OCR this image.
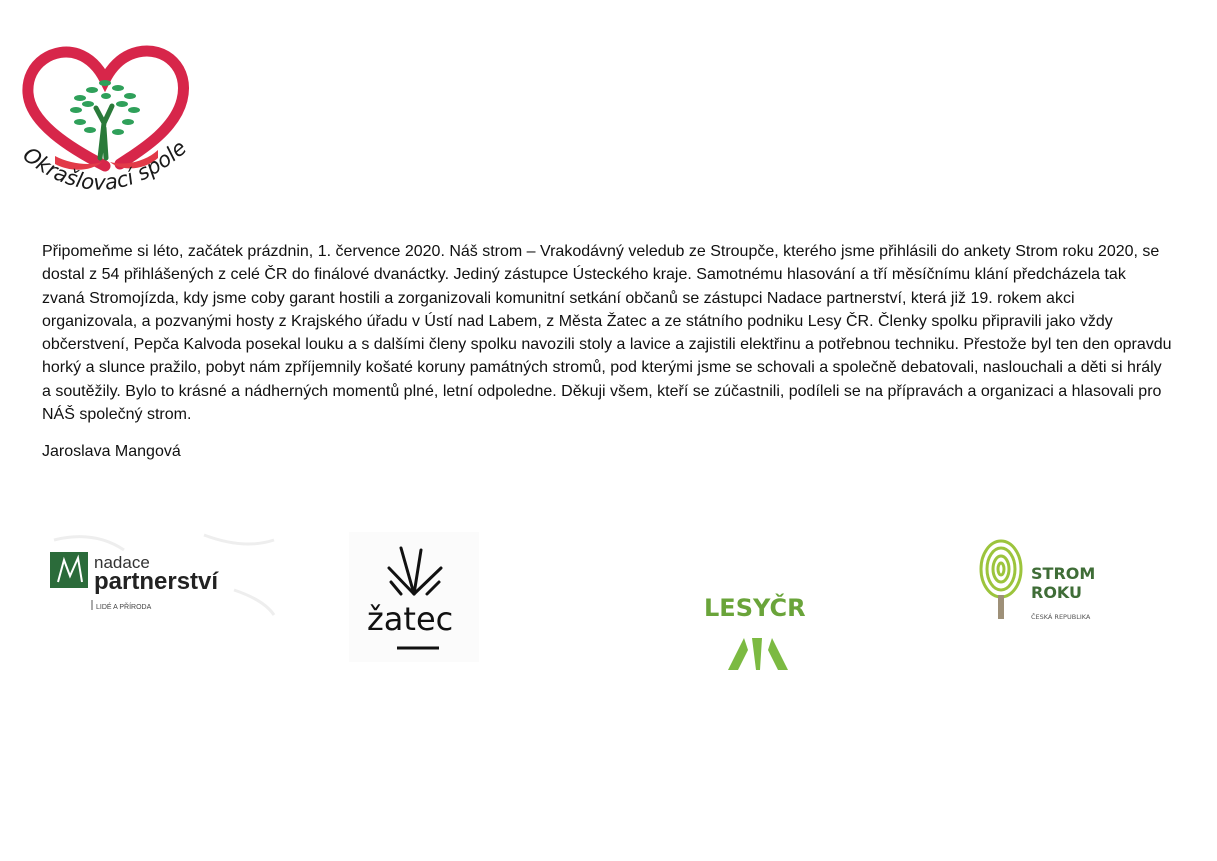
Okrašlovací spole

Připomeňme si léto, začátek prázdnin, 1. července 2020. Náš strom – Vrakodávný veledub ze Stroupče, kterého jsme přihlásili do ankety Strom roku 2020, se dostal z 54 přihlášených z celé ČR do finálové dvanáctky. Jediný zástupce Ústeckého kraje. Samotnému hlasování a tří měsíčnímu klání předcházela tak zvaná Stromojízda, kdy jsme coby garant hostili a zorganizovali komunitní setkání občanů se zástupci Nadace partnerství, která již 19. rokem akci organizovala, a pozvanými hosty z Krajského úřadu v Ústí nad Labem, z Města Žatec a ze státního podniku Lesy ČR. Členky spolku připravili jako vždy občerstvení, Pepča Kalvoda posekal louku a s dalšími členy spolku navozili stoly a lavice a zajistili elektřinu a potřebnou techniku. Přestože byl ten den opravdu horký a slunce pražilo, pobyt nám zpříjemnily košaté koruny památných stromů, pod kterými jsme se schovali a společně debatovali, naslouchali a děti si hrály a soutěžily. Bylo to krásné a nádherných momentů plné, letní odpoledne. Děkuji všem, kteří se zúčastnili, podíleli se na přípravách a organizaci a hlasovali pro NÁŠ společný strom.

Jaroslava Mangová

nadace
partnerství
LIDÉ A PŘÍRODA	žatec	LESYČR
STROM
ROKU
ČESKÁ REPUBLIKA
